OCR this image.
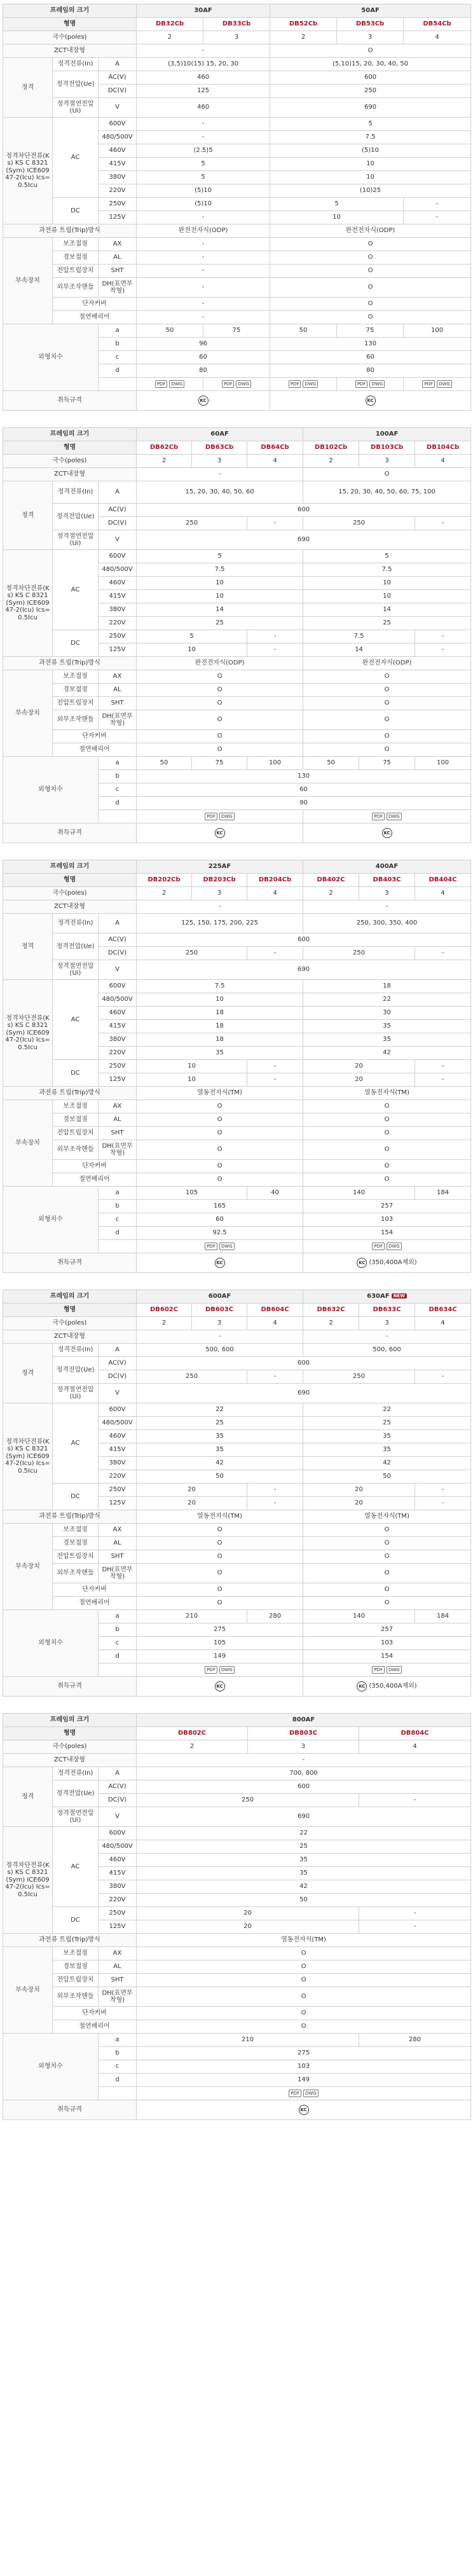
프레임의 크기			30AF		50AF		
형명			DB32Cb	DB33Cb	DB52Cb	DB53Cb	DB54Cb
극수(poles)			2	3	2	3	4
ZCT내장형			-		O		
정격	정격전류(In)	A	(3,5)10(15) 15, 20, 30		(5,10)15, 20, 30, 40, 50		
	정격전압(Ue)	AC(V)	460		600		
		DC(V)	125		250		
	정격절연전압(Ui)	V	460		690		
정격차단전류(Ks) KS C 8321(Sym) ICE60947-2(Icu) Ics=0.5Icu	AC	600V	-		5		
		480/500V	-		7.5		
		460V	(2.5)5		(5)10		
		415V	5		10		
		380V	5		10		
		220V	(5)10		(10)25		
	DC	250V	(5)10		5		-
		125V	-		10		-
과전류 트립(Trip)방식			완전전자식(ODP)		완전전자식(ODP)		
부속장치	보조접점	AX	-		O		
	경보접점	AL	-		O		
	전압트립장치	SHT	-		O		
	외부조작핸들	DH(표면부착형)	-		O		
	단자커버		-		O		
	절연배리어		-		O		
외형치수		a	50	75	50	75	100
		b	96		130		
		c	60		60		
		d	80		80		

			PDF DWG	PDF DWG	PDF DWG	PDF DWG	PDF DWG

취득규격			KC		KC		
프레임의 크기			60AF			100AF		
형명			DB62Cb	DB63Cb	DB64Cb	DB102Cb	DB103Cb	DB104Cb
극수(poles)			2	3	4	2	3	4
ZCT내장형			-			O		
정격	정격전류(In)	A	15, 20, 30, 40, 50, 60			15, 20, 30, 40, 50, 60, 75, 100		
	정격전압(Ue)	AC(V)	600					
		DC(V)	250		-	250		-
	정격절연전압(Ui)	V	690					
정격차단전류(Ks) KS C 8321(Sym) ICE60947-2(Icu) Ics=0.5Icu	AC	600V	5			5		
		480/500V	7.5			7.5		
		460V	10			10		
		415V	10			10		
		380V	14			14		
		220V	25			25		
	DC	250V	5		-	7.5		-
		125V	10		-	14		-
과전류 트립(Trip)방식			완전전자식(ODP)			완전전자식(ODP)		
부속장치	보조접점	AX	O			O		
	경보접점	AL	O			O		
	전압트립장치	SHT	O			O		
	외부조작핸들	DH(표면부착형)	O			O		
	단자커버		O			O		
	절연배리어		O			O		
외형치수		a	50	75	100	50	75	100
		b	130					
		c	60					
		d	90					

			PDF DWG			PDF DWG		

취득규격			KC			KC		
프레임의 크기			225AF			400AF		
형명			DB202Cb	DB203Cb	DB204Cb	DB402C	DB403C	DB404C
극수(poles)			2	3	4	2	3	4
ZCT내장형			-			-		
정격	정격전류(In)	A	125, 150, 175, 200, 225			250, 300, 350, 400		
	정격전압(Ue)	AC(V)	600					
		DC(V)	250		-	250		-
	정격절연전압(Ui)	V	690					
정격차단전류(Ks) KS C 8321(Sym) ICE60947-2(Icu) Ics=0.5Icu	AC	600V	7.5			18		
		480/500V	10			22		
		460V	18			30		
		415V	18			35		
		380V	18			35		
		220V	35			42		
	DC	250V	10		-	20		-
		125V	10		-	20		-
과전류 트립(Trip)방식			열동전자식(TM)			열동전자식(TM)		
부속장치	보조접점	AX	O			O		
	경보접점	AL	O			O		
	전압트립장치	SHT	O			O		
	외부조작핸들	DH(표면부착형)	O			O		
	단자커버		O			O		
	절연배리어		O			O		
외형치수		a	105		40	140		184
		b	165			257		
		c	60			103		
		d	92.5			154		

			PDF DWG			PDF DWG		

취득규격			KC			KC (350,400A제외)		
프레임의 크기			600AF			630AF NEW		
형명			DB602C	DB603C	DB604C	DB632C	DB633C	DB634C
극수(poles)			2	3	4	2	3	4
ZCT내장형			-			-		
정격	정격전류(In)	A	500, 600			500, 600		
	정격전압(Ue)	AC(V)	600					
		DC(V)	250		-	250		-
	정격절연전압(Ui)	V	690					
정격차단전류(Ks) KS C 8321(Sym) ICE60947-2(Icu) Ics=0.5Icu	AC	600V	22			22		
		480/500V	25			25		
		460V	35			35		
		415V	35			35		
		380V	42			42		
		220V	50			50		
	DC	250V	20		-	20		-
		125V	20		-	20		-
과전류 트립(Trip)방식			열동전자식(TM)			열동전자식(TM)		
부속장치	보조접점	AX	O			O		
	경보접점	AL	O			O		
	전압트립장치	SHT	O			O		
	외부조작핸들	DH(표면부착형)	O			O		
	단자커버		O			O		
	절연배리어		O			O		
외형치수		a	210		280	140		184
		b	275			257		
		c	105			103		
		d	149			154		

			PDF DWG			PDF DWG		

취득규격			KC			KC (350,400A제외)		
프레임의 크기			800AF		
형명			DB802C	DB803C	DB804C
극수(poles)			2	3	4
ZCT내장형			-		
정격	정격전류(In)	A	700, 800		
	정격전압(Ue)	AC(V)	600		
		DC(V)	250		-
	정격절연전압(Ui)	V	690		
정격차단전류(Ks) KS C 8321(Sym) ICE60947-2(Icu) Ics=0.5Icu	AC	600V	22		
		480/500V	25		
		460V	35		
		415V	35		
		380V	42		
		220V	50		
	DC	250V	20		-
		125V	20		-
과전류 트립(Trip)방식			열동전자식(TM)		
부속장치	보조접점	AX	O		
	경보접점	AL	O		
	전압트립장치	SHT	O		
	외부조작핸들	DH(표면부착형)	O		
	단자커버		O		
	절연배리어		O		
외형치수		a	210		280
		b	275		
		c	103		
		d	149		

			PDF DWG		

취득규격			KC		
